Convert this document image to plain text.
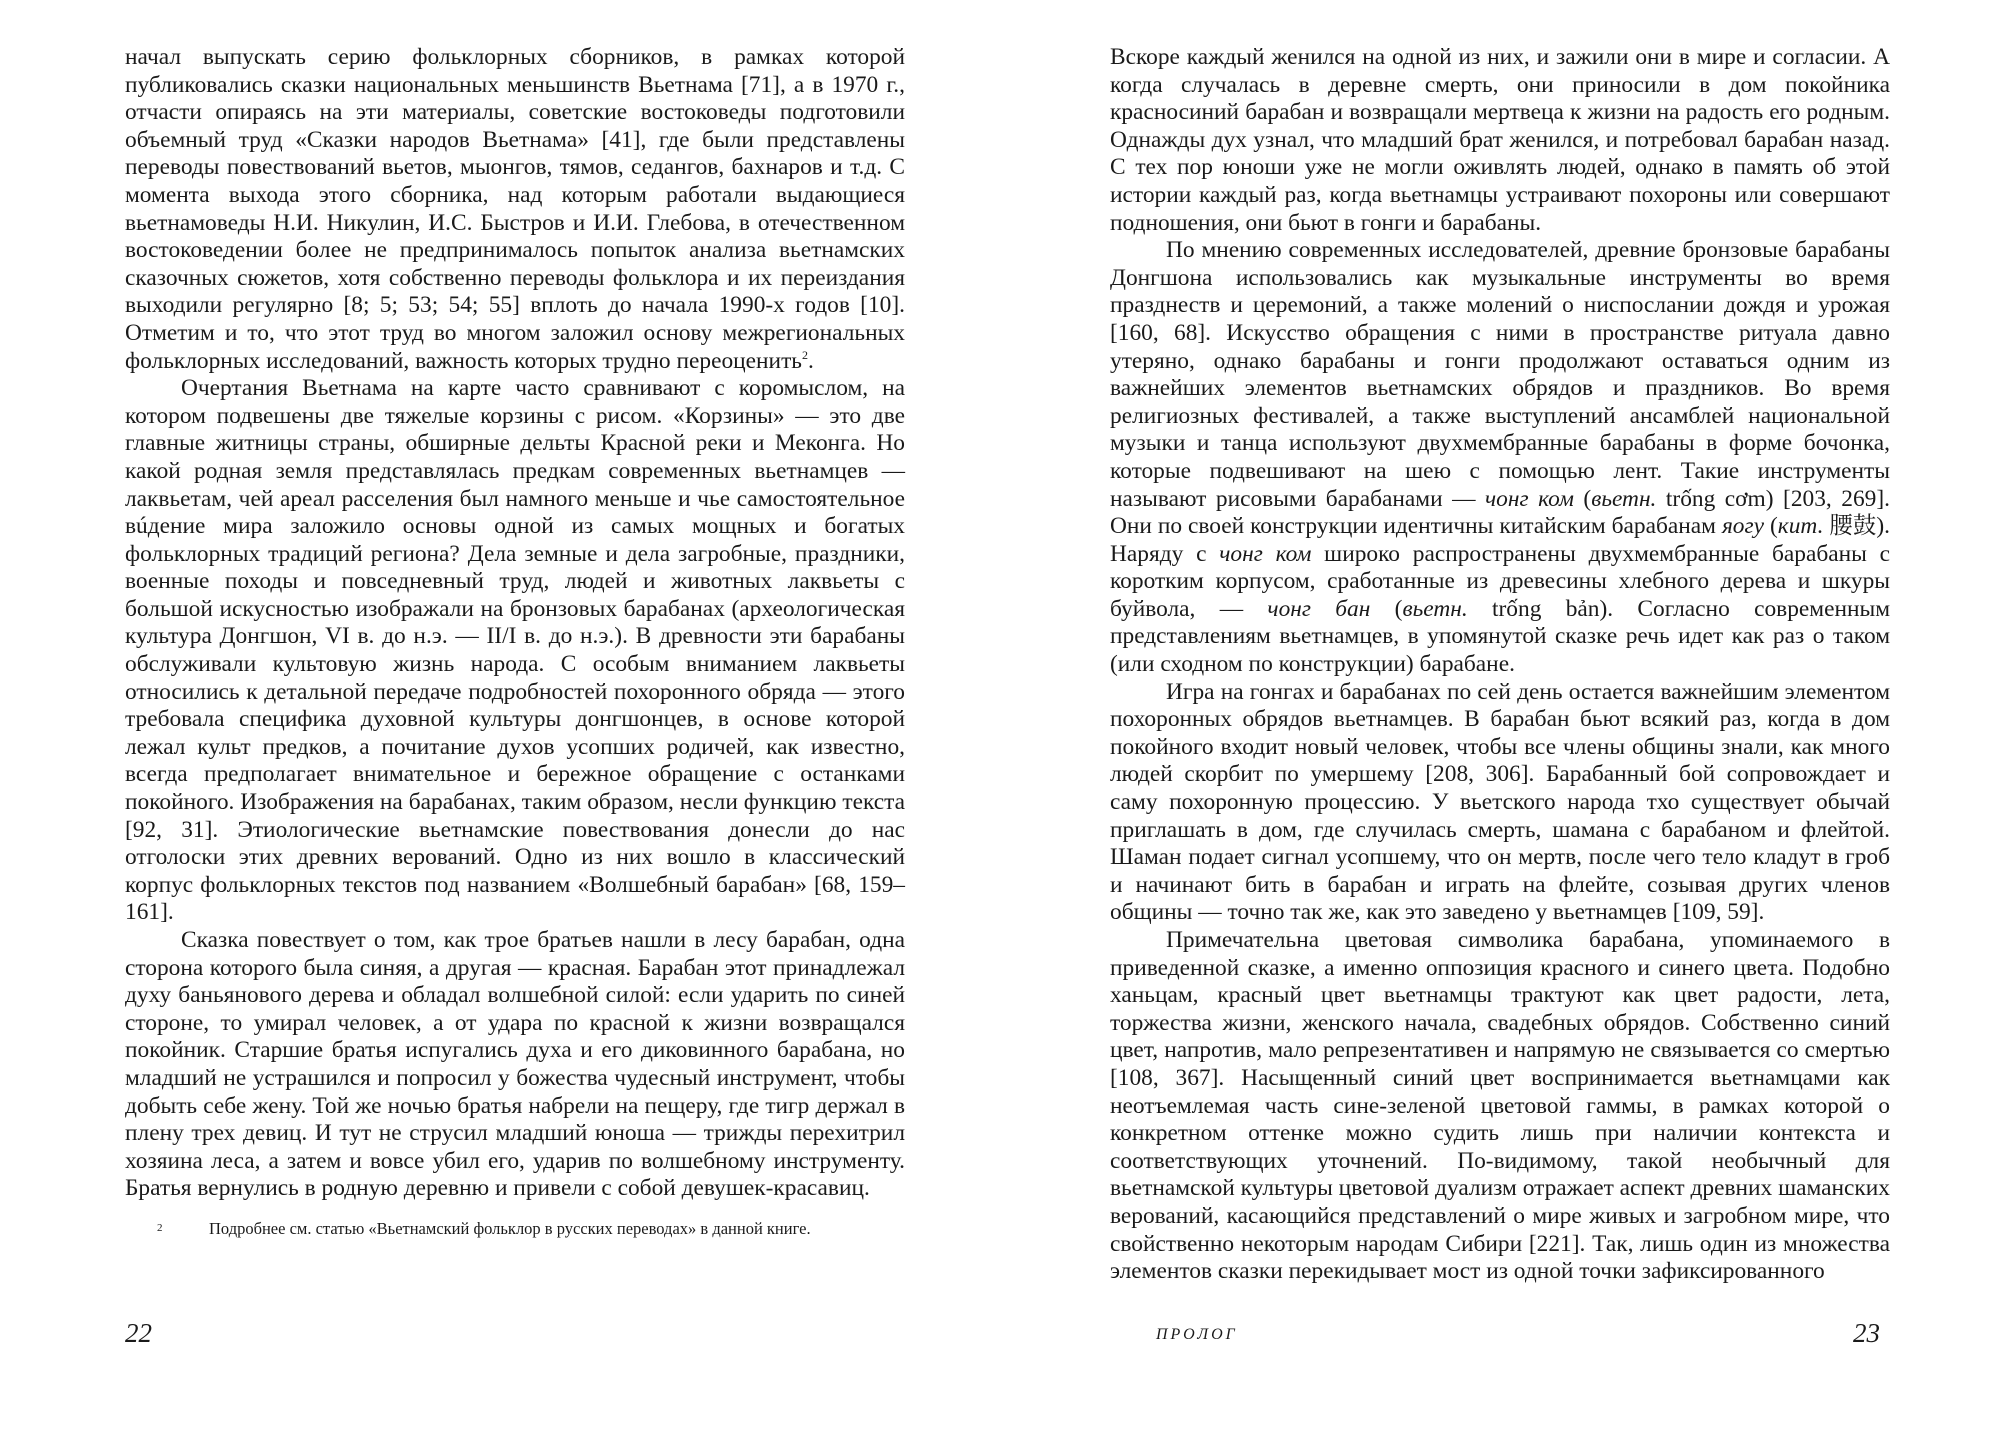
начал выпускать серию фольклорных сборников, в рамках которой публиковались сказки национальных меньшинств Вьетнама [71], а в 1970 г., отчасти опираясь на эти материалы, советские востоковеды подготовили объемный труд «Сказки народов Вьетнама» [41], где были представлены переводы повествований вьетов, мыонгов, тямов, седангов, бахнаров и т.д. С момента выхода этого сборника, над которым работали выдающиеся вьетнамоведы Н.И. Никулин, И.С. Быстров и И.И. Глебова, в отечественном востоковедении более не предпринималось попыток анализа вьетнамских сказочных сюжетов, хотя собственно переводы фольклора и их переиздания выходили регулярно [8; 5; 53; 54; 55] вплоть до начала 1990-х годов [10]. Отметим и то, что этот труд во многом заложил основу межрегиональных фольклорных исследований, важность которых трудно переоценить$^2$.

Очертания Вьетнама на карте часто сравнивают с коромыслом, на котором подвешены две тяжелые корзины с рисом. «Корзины» — это две главные житницы страны, обширные дельты Красной реки и Меконга. Но какой родная земля представлялась предкам современных вьетнамцев — лаквьетам, чей ареал расселения был намного меньше и чье самостоятельное вúдение мира заложило основы одной из самых мощных и богатых фольклорных традиций региона? Дела земные и дела загробные, праздники, военные походы и повседневный труд, людей и животных лаквьеты с большой искусностью изображали на бронзовых барабанах (археологическая культура Донгшон, VI в. до н.э. — II/I в. до н.э.). В древности эти барабаны обслуживали культовую жизнь народа. С особым вниманием лаквьеты относились к детальной передаче подробностей похоронного обряда — этого требовала специфика духовной культуры донгшонцев, в основе которой лежал культ предков, а почитание духов усопших родичей, как известно, всегда предполагает внимательное и бережное обращение с останками покойного. Изображения на барабанах, таким образом, несли функцию текста [92, 31]. Этиологические вьетнамские повествования донесли до нас отголоски этих древних верований. Одно из них вошло в классический корпус фольклорных текстов под названием «Волшебный барабан» [68, 159–161].

Сказка повествует о том, как трое братьев нашли в лесу барабан, одна сторона которого была синяя, а другая — красная. Барабан этот принадлежал духу баньянового дерева и обладал волшебной силой: если ударить по синей стороне, то умирал человек, а от удара по красной к жизни возвращался покойник. Старшие братья испугались духа и его диковинного барабана, но младший не устрашился и попросил у божества чудесный инструмент, чтобы добыть себе жену. Той же ночью братья набрели на пещеру, где тигр держал в плену трех девиц. И тут не струсил младший юноша — трижды перехитрил хозяина леса, а затем и вовсе убил его, ударив по волшебному инструменту. Братья вернулись в родную деревню и привели с собой девушек-красавиц.

2	Подробнее см. статью «Вьетнамский фольклор в русских переводах» в данной книге.

Вскоре каждый женился на одной из них, и зажили они в мире и согласии. А когда случалась в деревне смерть, они приносили в дом покойника красносиний барабан и возвращали мертвеца к жизни на радость его родным. Однажды дух узнал, что младший брат женился, и потребовал барабан назад. С тех пор юноши уже не могли оживлять людей, однако в память об этой истории каждый раз, когда вьетнамцы устраивают похороны или совершают подношения, они бьют в гонги и барабаны.

По мнению современных исследователей, древние бронзовые барабаны Донгшона использовались как музыкальные инструменты во время празднеств и церемоний, а также молений о ниспослании дождя и урожая [160, 68]. Искусство обращения с ними в пространстве ритуала давно утеряно, однако барабаны и гонги продолжают оставаться одним из важнейших элементов вьетнамских обрядов и праздников. Во время религиозных фестивалей, а также выступлений ансамблей национальной музыки и танца используют двухмембранные барабаны в форме бочонка, которые подвешивают на шею с помощью лент. Такие инструменты называют рисовыми барабанами — чонг ком (вьетн. trống cơm) [203, 269]. Они по своей конструкции идентичны китайским барабанам яогу (кит. 腰鼓). Наряду с чонг ком широко распространены двухмембранные барабаны с коротким корпусом, сработанные из древесины хлебного дерева и шкуры буйвола, — чонг бан (вьетн. trống bản). Согласно современным представлениям вьетнамцев, в упомянутой сказке речь идет как раз о таком (или сходном по конструкции) барабане.

Игра на гонгах и барабанах по сей день остается важнейшим элементом похоронных обрядов вьетнамцев. В барабан бьют всякий раз, когда в дом покойного входит новый человек, чтобы все члены общины знали, как много людей скорбит по умершему [208, 306]. Барабанный бой сопровождает и саму похоронную процессию. У вьетского народа тхо существует обычай приглашать в дом, где случилась смерть, шамана с барабаном и флейтой. Шаман подает сигнал усопшему, что он мертв, после чего тело кладут в гроб и начинают бить в барабан и играть на флейте, созывая других членов общины — точно так же, как это заведено у вьетнамцев [109, 59].

Примечательна цветовая символика барабана, упоминаемого в приведенной сказке, а именно оппозиция красного и синего цвета. Подобно ханьцам, красный цвет вьетнамцы трактуют как цвет радости, лета, торжества жизни, женского начала, свадебных обрядов. Собственно синий цвет, напротив, мало репрезентативен и напрямую не связывается со смертью [108, 367]. Насыщенный синий цвет воспринимается вьетнамцами как неотъемлемая часть сине-зеленой цветовой гаммы, в рамках которой о конкретном оттенке можно судить лишь при наличии контекста и соответствующих уточнений. По-видимому, такой необычный для вьетнамской культуры цветовой дуализм отражает аспект древних шаманских верований, касающийся представлений о мире живых и загробном мире, что свойственно некоторым народам Сибири [221]. Так, лишь один из множества элементов сказки перекидывает мост из одной точки зафиксированного

22	ПРОЛОГ	23
